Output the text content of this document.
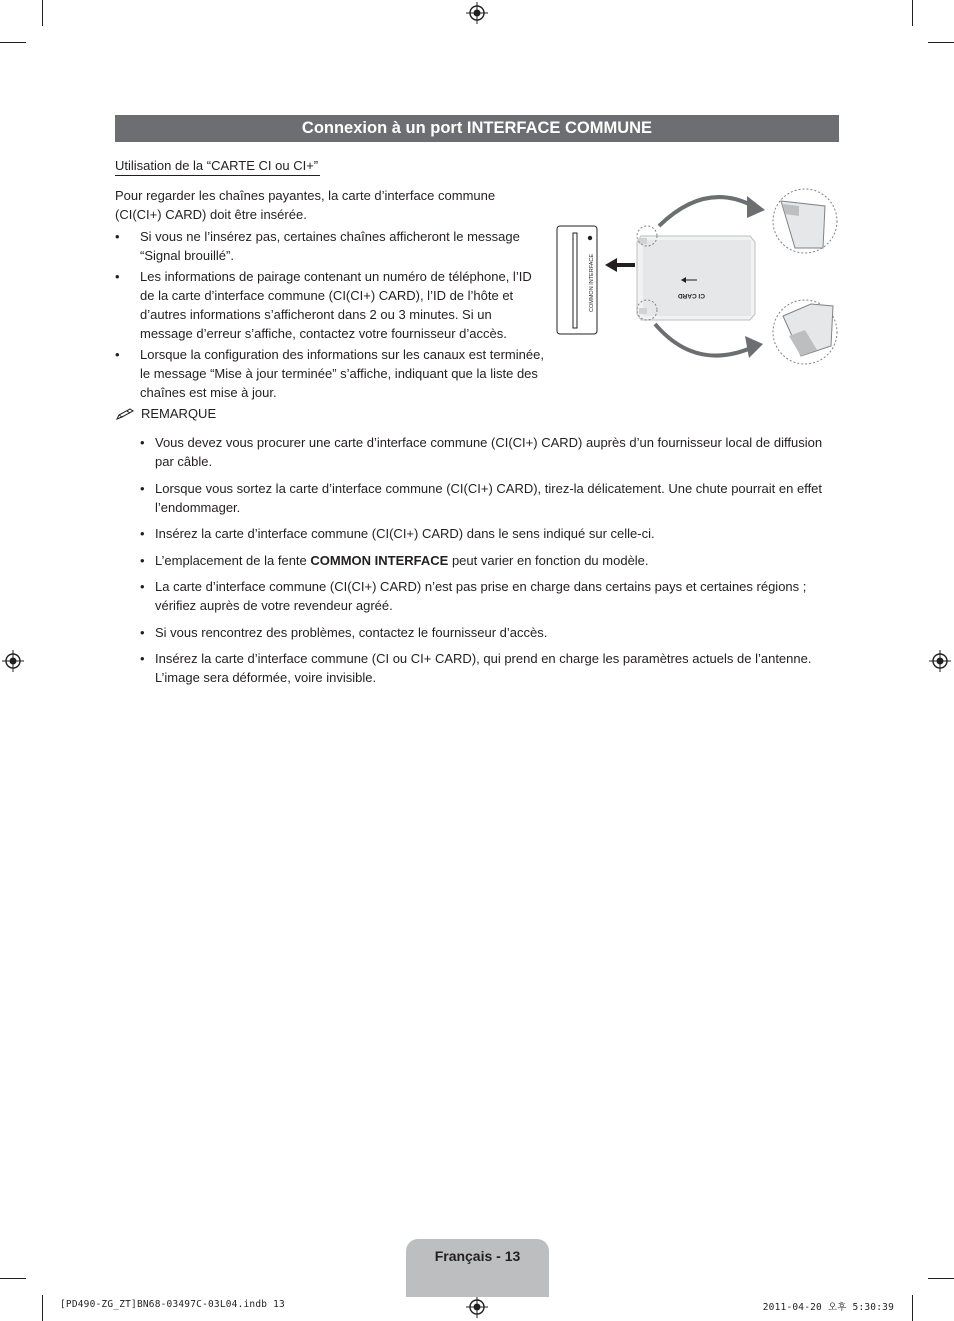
Connexion à un port INTERFACE COMMUNE
Utilisation de la “CARTE CI ou CI+”

Pour regarder les chaînes payantes, la carte d’interface commune (CI(CI+) CARD) doit être insérée.

• Si vous ne l’insérez pas, certaines chaînes afficheront le message “Signal brouillé”.
• Les informations de pairage contenant un numéro de téléphone, l’ID de la carte d’interface commune (CI(CI+) CARD), l’ID de l’hôte et d’autres informations s’afficheront dans 2 ou 3 minutes. Si un message d’erreur s’affiche, contactez votre fournisseur d’accès.
• Lorsque la configuration des informations sur les canaux est terminée, le message “Mise à jour terminée” s’affiche, indiquant que la liste des chaînes est mise à jour.
COMMON INTERFACE	CI CARD
REMARQUE
• Vous devez vous procurer une carte d’interface commune (CI(CI+) CARD) auprès d’un fournisseur local de diffusion par câble.
• Lorsque vous sortez la carte d’interface commune (CI(CI+) CARD), tirez-la délicatement. Une chute pourrait en effet l’endommager.
• Insérez la carte d’interface commune (CI(CI+) CARD) dans le sens indiqué sur celle-ci.
• L’emplacement de la fente COMMON INTERFACE peut varier en fonction du modèle.
• La carte d’interface commune (CI(CI+) CARD) n’est pas prise en charge dans certains pays et certaines régions ; vérifiez auprès de votre revendeur agréé.
• Si vous rencontrez des problèmes, contactez le fournisseur d’accès.
• Insérez la carte d’interface commune (CI ou CI+ CARD), qui prend en charge les paramètres actuels de l’antenne. L’image sera déformée, voire invisible.
Français - 13
[PD490-ZG_ZT]BN68-03497C-03L04.indb 13	2011-04-20 오후 5:30:39
